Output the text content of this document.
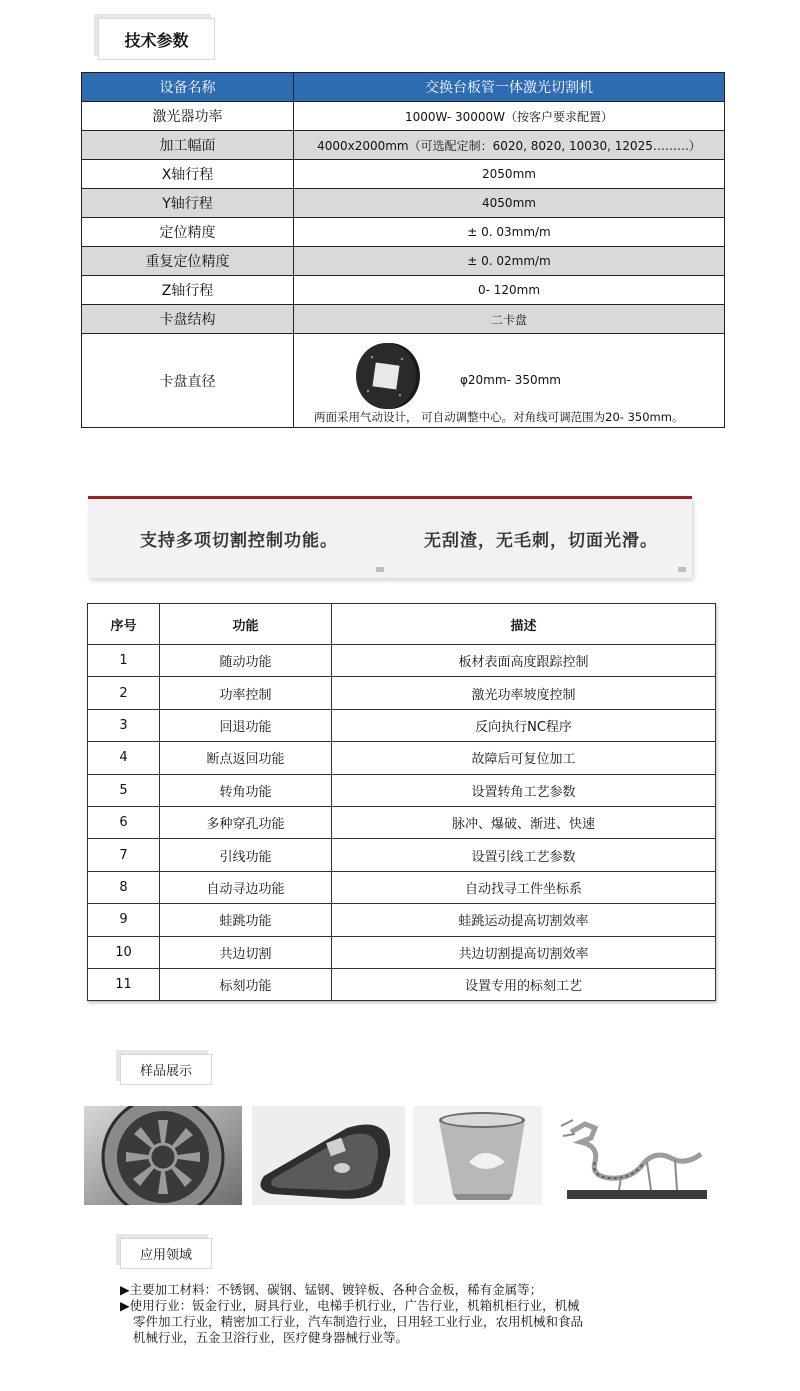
技术参数
设备名称	交换台板管一体激光切割机
激光器功率	1000W- 30000W（按客户要求配置）
加工幅面	4000x2000mm（可选配定制：6020, 8020, 10030, 12025………）
X轴行程	2050mm
Y轴行程	4050mm
定位精度	± 0. 03mm/m
重复定位精度	± 0. 02mm/m
Z轴行程	0- 120mm
卡盘结构	二卡盘
卡盘直径	φ20mm- 350mm
两面采用气动设计， 可自动调整中心。对角线可调范围为20- 350mm。
支持多项切割控制功能。	无刮渣，无毛刺，切面光滑。
序号	功能	描述
1	随动功能	板材表面高度跟踪控制
2	功率控制	激光功率坡度控制
3	回退功能	反向执行NC程序
4	断点返回功能	故障后可复位加工
5	转角功能	设置转角工艺参数
6	多种穿孔功能	脉冲、爆破、渐进、快速
7	引线功能	设置引线工艺参数
8	自动寻边功能	自动找寻工件坐标系
9	蛙跳功能	蛙跳运动提高切割效率
10	共边切割	共边切割提高切割效率
11	标刻功能	设置专用的标刻工艺
样品展示
应用领域

▶主要加工材料：不锈钢、碳钢、锰钢、镀锌板、各种合金板，稀有金属等；

▶使用行业：钣金行业，厨具行业，电梯手机行业，广告行业，机箱机柜行业，机械

零件加工行业，精密加工行业，汽车制造行业，日用轻工业行业，农用机械和食品

机械行业，五金卫浴行业，医疗健身器械行业等。
